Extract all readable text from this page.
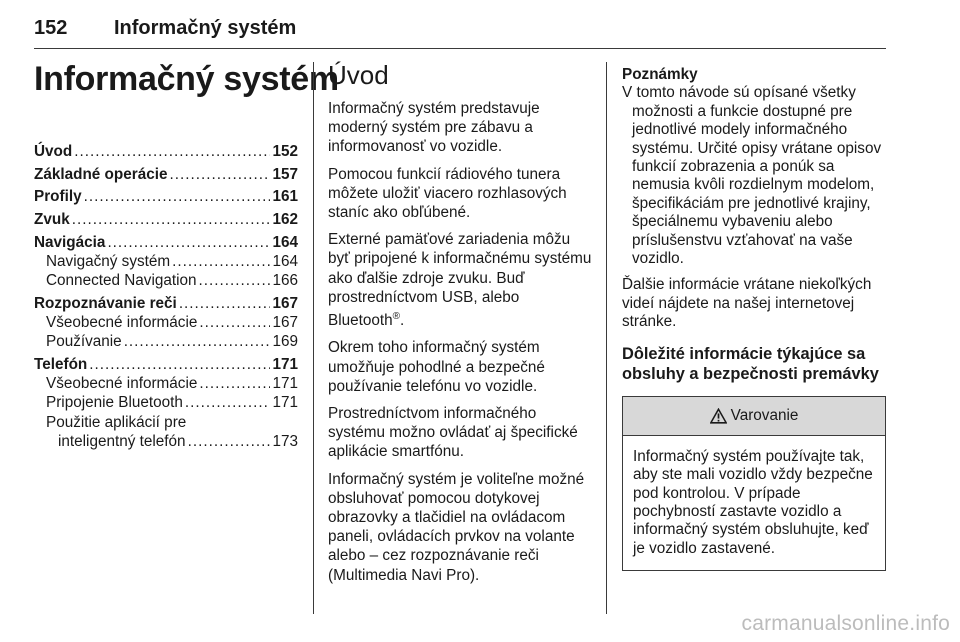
152 Informačný systém
Informačný systém
Úvod .....	152
Základné operácie .....	157
Profily .....	161
Zvuk .....	162
Navigácia .....	164
Navigačný systém .....	164
Connected Navigation .....	166
Rozpoznávanie reči .....	167
Všeobecné informácie .....	167
Používanie .....	169
Telefón .....	171
Všeobecné informácie .....	171
Pripojenie Bluetooth .....	171
Použitie aplikácií pre
inteligentný telefón .....	173
Úvod

Informačný systém predstavuje moderný systém pre zábavu a informovanosť vo vozidle.

Pomocou funkcií rádiového tunera môžete uložiť viacero rozhlasových staníc ako obľúbené.

Externé pamäťové zariadenia môžu byť pripojené k informačnému systému ako ďalšie zdroje zvuku. Buď prostredníctvom USB, alebo Bluetooth®.

Okrem toho informačný systém umožňuje pohodlné a bezpečné používanie telefónu vo vozidle.

Prostredníctvom informačného systému možno ovládať aj špecifické aplikácie smartfónu.

Informačný systém je voliteľne možné obsluhovať pomocou dotykovej obrazovky a tlačidiel na ovládacom paneli, ovládacích prvkov na volante alebo – cez rozpoznávanie reči (Multimedia Navi Pro).

Poznámky

V tomto návode sú opísané všetky možnosti a funkcie dostupné pre jednotlivé modely informačného systému. Určité opisy vrátane opisov funkcií zobrazenia a ponúk sa nemusia kvôli rozdielnym modelom, špecifikáciám pre jednotlivé krajiny, špeciálnemu vybaveniu alebo príslušenstvu vzťahovať na vaše vozidlo.

Ďalšie informácie vrátane niekoľkých videí nájdete na našej internetovej stránke.

Dôležité informácie týkajúce sa obsluhy a bezpečnosti premávky
Varovanie
Informačný systém používajte tak, aby ste mali vozidlo vždy bezpečne pod kontrolou. V prípade pochybností zastavte vozidlo a informačný systém obsluhujte, keď je vozidlo zastavené.
carmanualsonline.info
